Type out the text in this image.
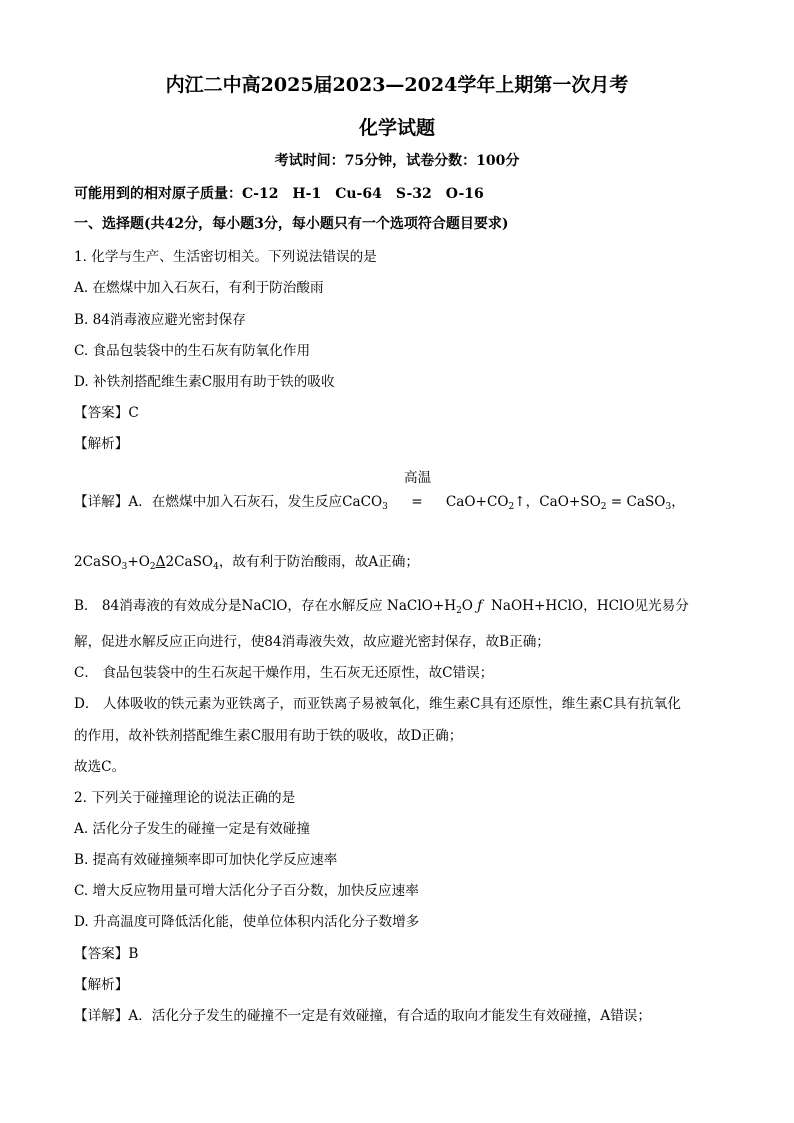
内江二中高2025届2023—2024学年上期第一次月考
化学试题
考试时间：75分钟，试卷分数：100分
可能用到的相对原子质量：C-12　H-1　Cu-64　S-32　O-16
一、选择题(共42分，每小题3分，每小题只有一个选项符合题目要求)
1. 化学与生产、生活密切相关。下列说法错误的是
A. 在燃煤中加入石灰石，有利于防治酸雨
B. 84消毒液应避光密封保存
C. 食品包装袋中的生石灰有防氧化作用
D. 补铁剂搭配维生素C服用有助于铁的吸收
【答案】C
【解析】
高温
【详解】A．在燃煤中加入石灰石，发生反应CaCO$_3$ = $CaO+CO_2↑$，$CaO+SO_2$ = CaSO$_3$，
$2CaSO_3+O_2\Delta 2CaSO_4$，故有利于防治酸雨，故A正确；
B． 84消毒液的有效成分是NaClO，存在水解反应 $NaClO+H_2O$ ƒ NaOH+HClO，HClO见光易分
解，促进水解反应正向进行，使84消毒液失效，故应避光密封保存，故B正确；
C． 食品包装袋中的生石灰起干燥作用，生石灰无还原性，故C错误；
D． 人体吸收的铁元素为亚铁离子，而亚铁离子易被氧化，维生素C具有还原性，维生素C具有抗氧化
的作用，故补铁剂搭配维生素C服用有助于铁的吸收，故D正确；
故选C。
2. 下列关于碰撞理论的说法正确的是
A. 活化分子发生的碰撞一定是有效碰撞
B. 提高有效碰撞频率即可加快化学反应速率
C. 增大反应物用量可增大活化分子百分数，加快反应速率
D. 升高温度可降低活化能，使单位体积内活化分子数增多
【答案】B
【解析】
【详解】A．活化分子发生的碰撞不一定是有效碰撞，有合适的取向才能发生有效碰撞，A错误；
